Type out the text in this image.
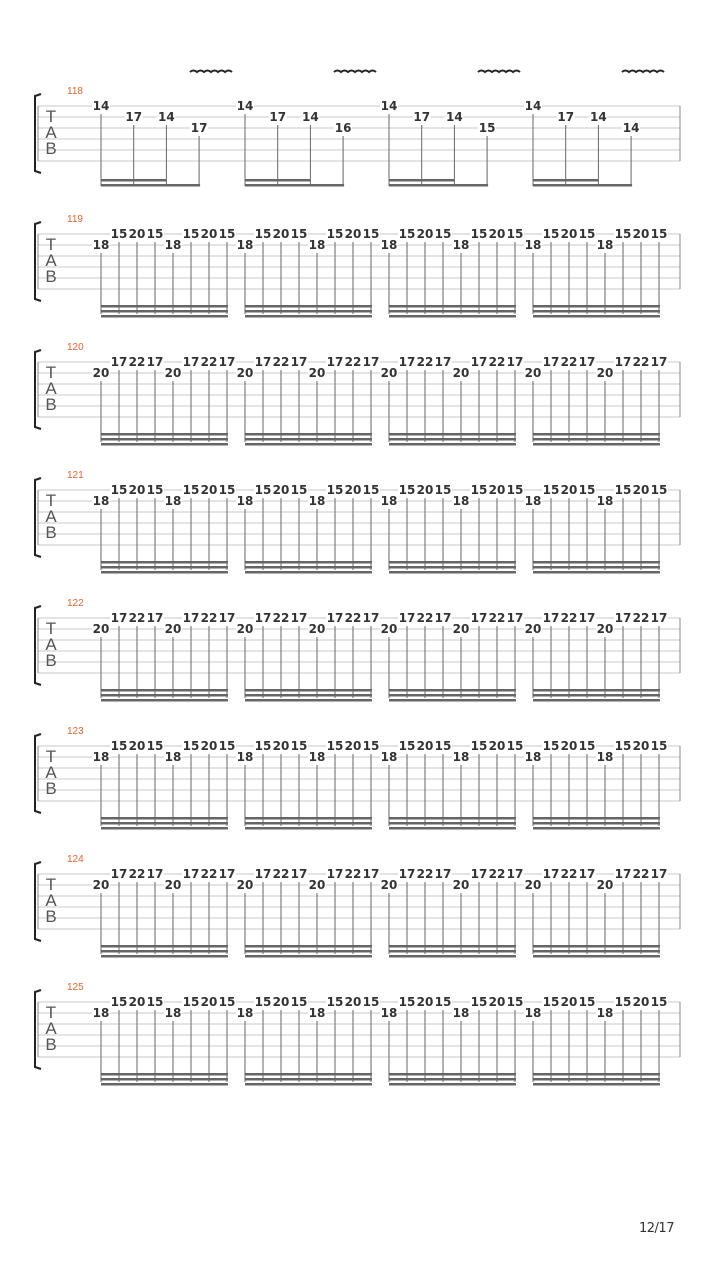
118
T
A
B
14
17 14
17
14
17 14
16
14
17 14
15
14
17 14
14
119
T
A
B
18
15 20 15
18
15 20 15
18
15 20 15
18
15 20 15
18
15 20 15
18
15 20 15
18
15 20 15
18
15 20 15
120
T
A
B
20
17 22 17
20
17 22 17
20
17 22 17
20
17 22 17
20
17 22 17
20
17 22 17
20
17 22 17
20
17 22 17
121
T
A
B
18
15 20 15
18
15 20 15
18
15 20 15
18
15 20 15
18
15 20 15
18
15 20 15
18
15 20 15
18
15 20 15
122
T
A
B
20
17 22 17
20
17 22 17
20
17 22 17
20
17 22 17
20
17 22 17
20
17 22 17
20
17 22 17
20
17 22 17
123
T
A
B
18
15 20 15
18
15 20 15
18
15 20 15
18
15 20 15
18
15 20 15
18
15 20 15
18
15 20 15
18
15 20 15
124
T
A
B
20
17 22 17
20
17 22 17
20
17 22 17
20
17 22 17
20
17 22 17
20
17 22 17
20
17 22 17
20
17 22 17
125
T
A
B
18
15 20 15
18
15 20 15
18
15 20 15
18
15 20 15
18
15 20 15
18
15 20 15
18
15 20 15
18
15 20 15
12/17
